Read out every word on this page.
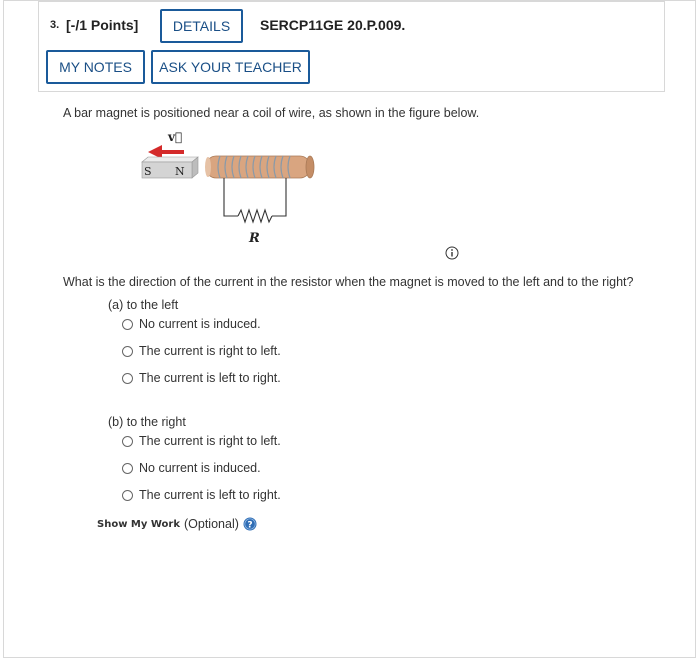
3. [-/1 Points]	DETAILS	SERCP11GE 20.P.009.
MY NOTES	ASK YOUR TEACHER
A bar magnet is positioned near a coil of wire, as shown in the figure below.
v⃗
S N
R
What is the direction of the current in the resistor when the magnet is moved to the left and to the right?
(a) to the left
No current is induced.
The current is right to left.
The current is left to right.
(b) to the right
The current is right to left.
No current is induced.
The current is left to right.
Show My Work (Optional) ?
